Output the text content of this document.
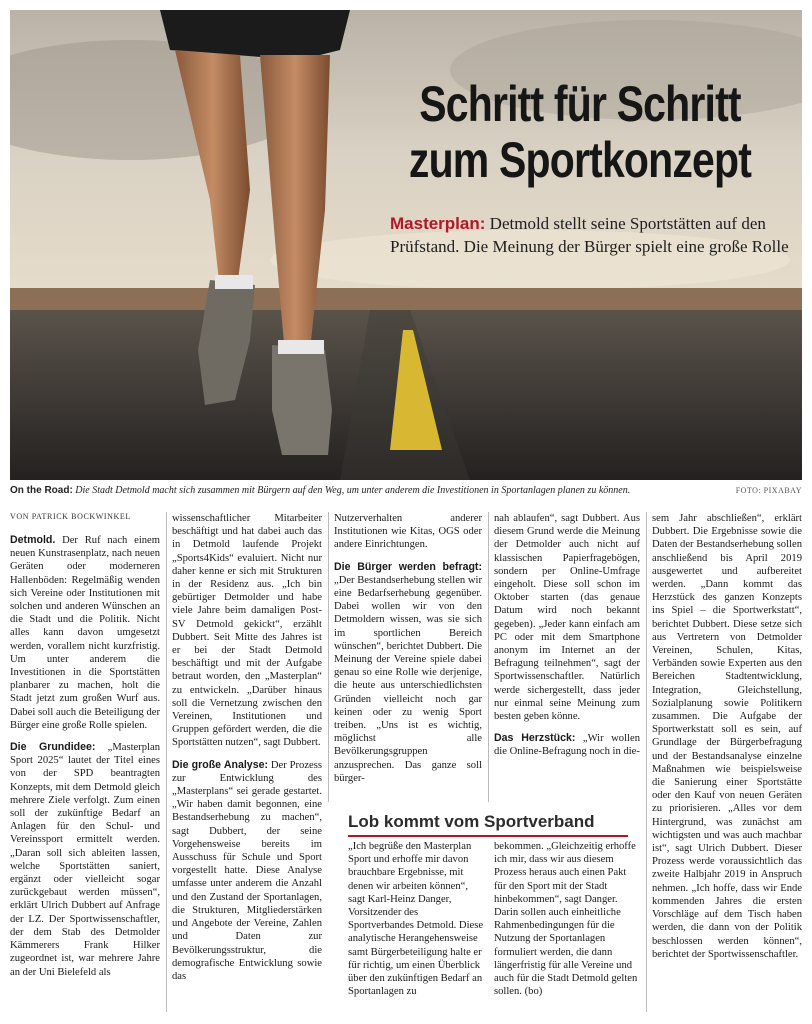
Schritt für Schritt
zum Sportkonzept
Masterplan: Detmold stellt seine Sportstätten auf den Prüfstand. Die Meinung der Bürger spielt eine große Rolle
On the Road: Die Stadt Detmold macht sich zusammen mit Bürgern auf den Weg, um unter anderem die Investitionen in Sportanlagen planen zu können.	FOTO: PIXABAY
VON PATRICK BOCKWINKEL

Detmold. Der Ruf nach einem neuen Kunstrasenplatz, nach neuen Geräten oder moderneren Hallenböden: Regelmäßig wenden sich Vereine oder Institutionen mit solchen und anderen Wünschen an die Stadt und die Politik. Nicht alles kann davon umgesetzt werden, vorallem nicht kurzfristig. Um unter anderem die Investitionen in die Sportstätten planbarer zu machen, holt die Stadt jetzt zum großen Wurf aus. Dabei soll auch die Beteiligung der Bürger eine große Rolle spielen.

Die Grundidee: „Masterplan Sport 2025“ lautet der Titel eines von der SPD beantragten Konzepts, mit dem Detmold gleich mehrere Ziele verfolgt. Zum einen soll der zukünftige Bedarf an Anlagen für den Schul- und Vereinssport ermittelt werden. „Daran soll sich ableiten lassen, welche Sportstätten saniert, ergänzt oder vielleicht sogar zurückgebaut werden müssen“, erklärt Ulrich Dubbert auf Anfrage der LZ. Der Sportwissenschaftler, der dem Stab des Detmolder Kämmerers Frank Hilker zugeordnet ist, war mehrere Jahre an der Uni Bielefeld als

wissenschaftlicher Mitarbeiter beschäftigt und hat dabei auch das in Detmold laufende Projekt „Sports4Kids“ evaluiert. Nicht nur daher kenne er sich mit Strukturen in der Residenz aus. „Ich bin gebürtiger Detmolder und habe viele Jahre beim damaligen Post-SV Detmold gekickt“, erzählt Dubbert. Seit Mitte des Jahres ist er bei der Stadt Detmold beschäftigt und mit der Aufgabe betraut worden, den „Masterplan“ zu entwickeln. „Darüber hinaus soll die Vernetzung zwischen den Vereinen, Institutionen und Gruppen gefördert werden, die die Sportstätten nutzen“, sagt Dubbert.

Die große Analyse: Der Prozess zur Entwicklung des „Masterplans“ sei gerade gestartet. „Wir haben damit begonnen, eine Bestandserhebung zu machen“, sagt Dubbert, der seine Vorgehensweise bereits im Ausschuss für Schule und Sport vorgestellt hatte. Diese Analyse umfasse unter anderem die Anzahl und den Zustand der Sportanlagen, die Strukturen, Mitgliederstärken und Angebote der Vereine, Zahlen und Daten zur Bevölkerungsstruktur, die demografische Entwicklung sowie das

Nutzerverhalten anderer Institutionen wie Kitas, OGS oder andere Einrichtungen.

Die Bürger werden befragt: „Der Bestandserhebung stellen wir eine Bedarfserhebung gegenüber. Dabei wollen wir von den Detmoldern wissen, was sie sich im sportlichen Bereich wünschen“, berichtet Dubbert. Die Meinung der Vereine spiele dabei genau so eine Rolle wie derjenige, die heute aus unterschiedlichsten Gründen vielleicht noch gar keinen oder zu wenig Sport treiben. „Uns ist es wichtig, möglichst alle Bevölkerungsgruppen anzusprechen. Das ganze soll bürger-

nah ablaufen“, sagt Dubbert. Aus diesem Grund werde die Meinung der Detmolder auch nicht auf klassischen Papierfragebögen, sondern per Online-Umfrage eingeholt. Diese soll schon im Oktober starten (das genaue Datum wird noch bekannt gegeben). „Jeder kann einfach am PC oder mit dem Smartphone anonym im Internet an der Befragung teilnehmen“, sagt der Sportwissenschaftler. Natürlich werde sichergestellt, dass jeder nur einmal seine Meinung zum besten geben könne.

Das Herzstück: „Wir wollen die Online-Befragung noch in die-

sem Jahr abschließen“, erklärt Dubbert. Die Ergebnisse sowie die Daten der Bestandserhebung sollen anschließend bis April 2019 ausgewertet und aufbereitet werden. „Dann kommt das Herzstück des ganzen Konzepts ins Spiel – die Sportwerkstatt“, berichtet Dubbert. Diese setze sich aus Vertretern von Detmolder Vereinen, Schulen, Kitas, Verbänden sowie Experten aus den Bereichen Stadtentwicklung, Integration, Gleichstellung, Sozialplanung sowie Politikern zusammen. Die Aufgabe der Sportwerkstatt soll es sein, auf Grundlage der Bürgerbefragung und der Bestandsanalyse einzelne Maßnahmen wie beispielsweise die Sanierung einer Sportstätte oder den Kauf von neuen Geräten zu priorisieren. „Alles vor dem Hintergrund, was zunächst am wichtigsten und was auch machbar ist“, sagt Ulrich Dubbert. Dieser Prozess werde voraussichtlich das zweite Halbjahr 2019 in Anspruch nehmen. „Ich hoffe, dass wir Ende kommenden Jahres die ersten Vorschläge auf dem Tisch haben werden, die dann von der Politik beschlossen werden können“, berichtet der Sportwissenschaftler.

Lob kommt vom Sportverband

„Ich begrüße den Masterplan Sport und erhoffe mir davon brauchbare Ergebnisse, mit denen wir arbeiten können“, sagt Karl-Heinz Danger, Vorsitzender des Sportverbandes Detmold. Diese analytische Herangehensweise samt Bürgerbeteiligung halte er für richtig, um einen Überblick über den zukünftigen Bedarf an Sportanlagen zu

bekommen. „Gleichzeitig erhoffe ich mir, dass wir aus diesem Prozess heraus auch einen Pakt für den Sport mit der Stadt hinbekommen“, sagt Danger. Darin sollen auch einheitliche Rahmenbedingungen für die Nutzung der Sportanlagen formuliert werden, die dann längerfristig für alle Vereine und auch für die Stadt Detmold gelten sollen. (bo)
